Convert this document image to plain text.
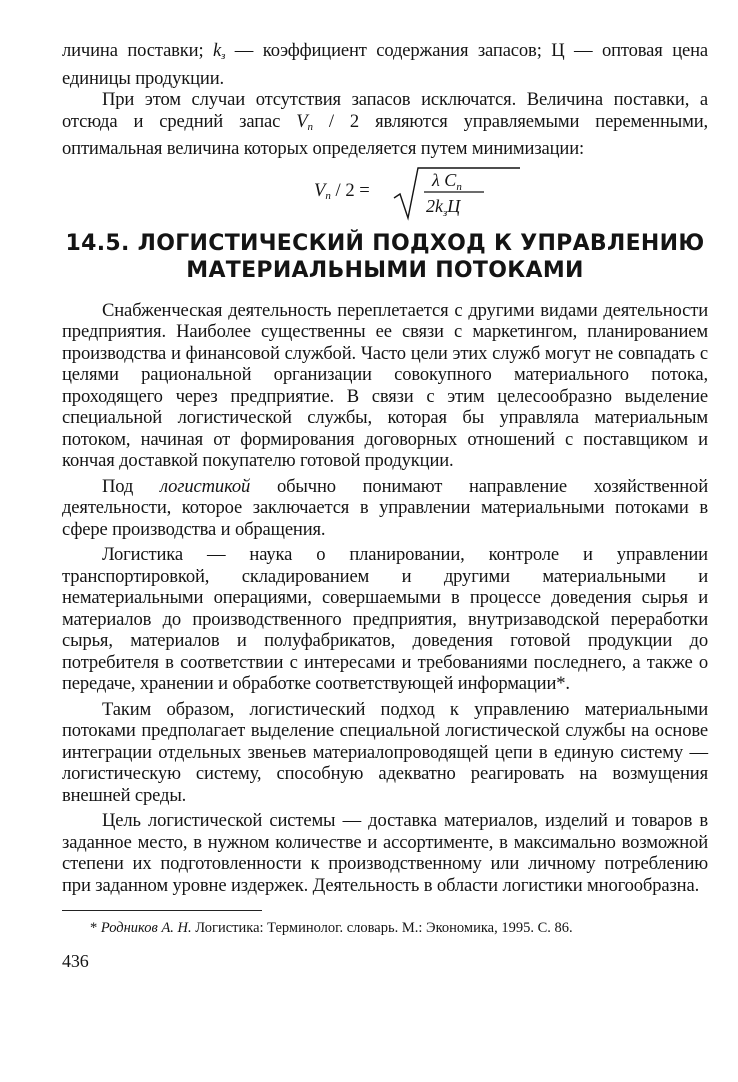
личина поставки; $k_з$ — коэффициент содержания запасов; Ц — оптовая цена единицы продукции.

При этом случаи отсутствия запасов исключатся. Величина поставки, а отсюда и средний запас $V_п / 2$ являются управляемыми переменными, оптимальная величина которых определяется путем минимизации:

$V_п / 2$ =	λ $C_п$
$2k_зЦ$
14.5. ЛОГИСТИЧЕСКИЙ ПОДХОД К УПРАВЛЕНИЮ
МАТЕРИАЛЬНЫМИ ПОТОКАМИ

Снабженческая деятельность переплетается с другими видами деятельности предприятия. Наиболее существенны ее связи с маркетингом, планированием производства и финансовой службой. Часто цели этих служб могут не совпадать с целями рациональной организации совокупного материального потока, проходящего через предприятие. В связи с этим целесообразно выделение специальной логистической службы, которая бы управляла материальным потоком, начиная от формирования договорных отношений с поставщиком и кончая доставкой покупателю готовой продукции.

Под логистикой обычно понимают направление хозяйственной деятельности, которое заключается в управлении материальными потоками в сфере производства и обращения.

Логистика — наука о планировании, контроле и управлении транспортировкой, складированием и другими материальными и нематериальными операциями, совершаемыми в процессе доведения сырья и материалов до производственного предприятия, внутризаводской переработки сырья, материалов и полуфабрикатов, доведения готовой продукции до потребителя в соответствии с интересами и требованиями последнего, а также о передаче, хранении и обработке соответствующей информации*.

Таким образом, логистический подход к управлению материальными потоками предполагает выделение специальной логистической службы на основе интеграции отдельных звеньев материалопроводящей цепи в единую систему — логистическую систему, способную адекватно реагировать на возмущения внешней среды.

Цель логистической системы — доставка материалов, изделий и товаров в заданное место, в нужном количестве и ассортименте, в максимально возможной степени их подготовленности к производственному или личному потреблению при заданном уровне издержек. Деятельность в области логистики многообразна.

* Родников А. Н. Логистика: Терминолог. словарь. М.: Экономика, 1995. С. 86.

436
